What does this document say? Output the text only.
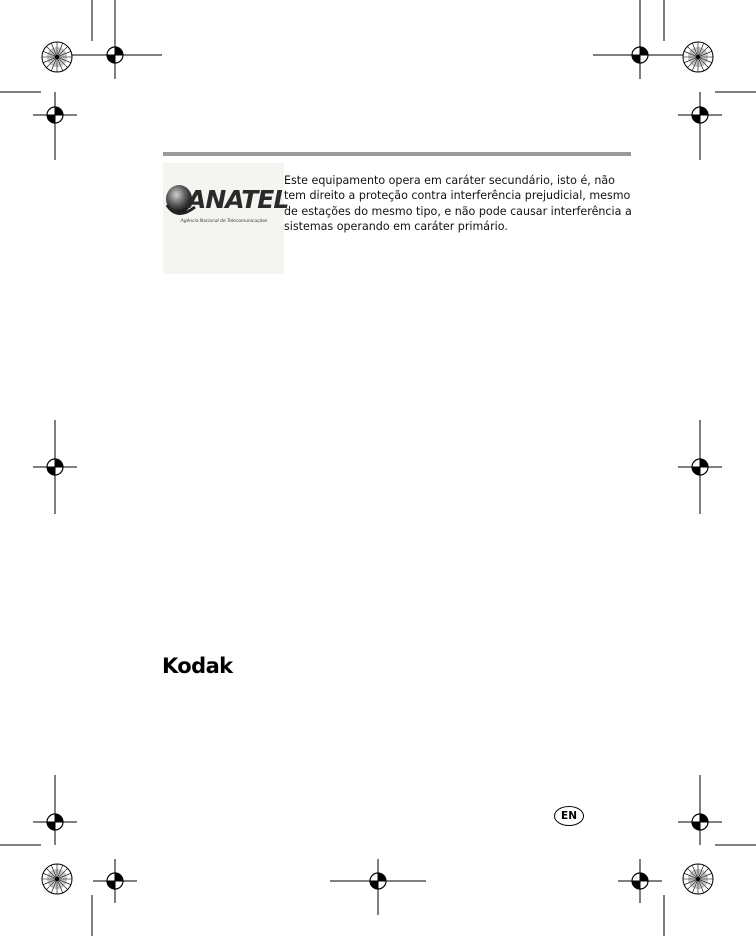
ANATEL
Agência Nacional de Telecomunicações

Este equipamento opera em caráter secundário, isto é, não tem direito a proteção contra interferência prejudicial, mesmo de estações do mesmo tipo, e não pode causar interferência a sistemas operando em caráter primário.

Kodak
EN
